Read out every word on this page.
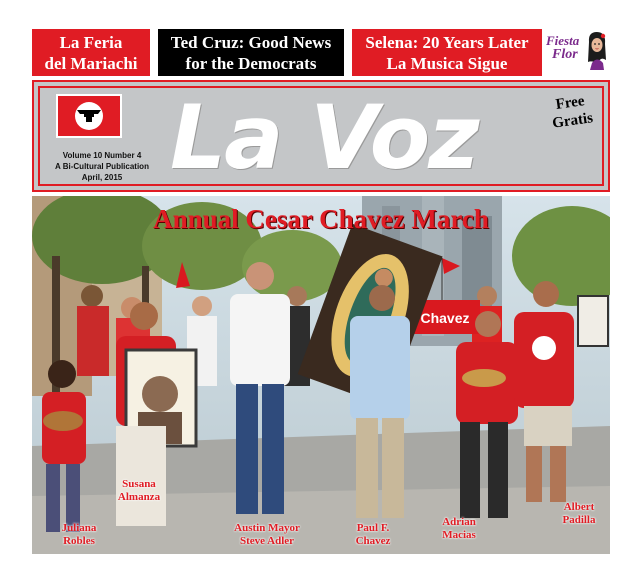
La Feria
del Mariachi
Ted Cruz: Good News
for the Democrats
Selena: 20 Years Later
La Musica Sigue
Fiesta
Flor
Volume 10 Number 4
A Bi-Cultural Publication
April, 2015 La Voz	Free
Gratis
Chavez
Annual Cesar Chavez March
Susana
Almanza
Juliana
Robles
Austin Mayor
Steve Adler
Paul F.
Chavez
Adrian
Macias
Albert
Padilla
